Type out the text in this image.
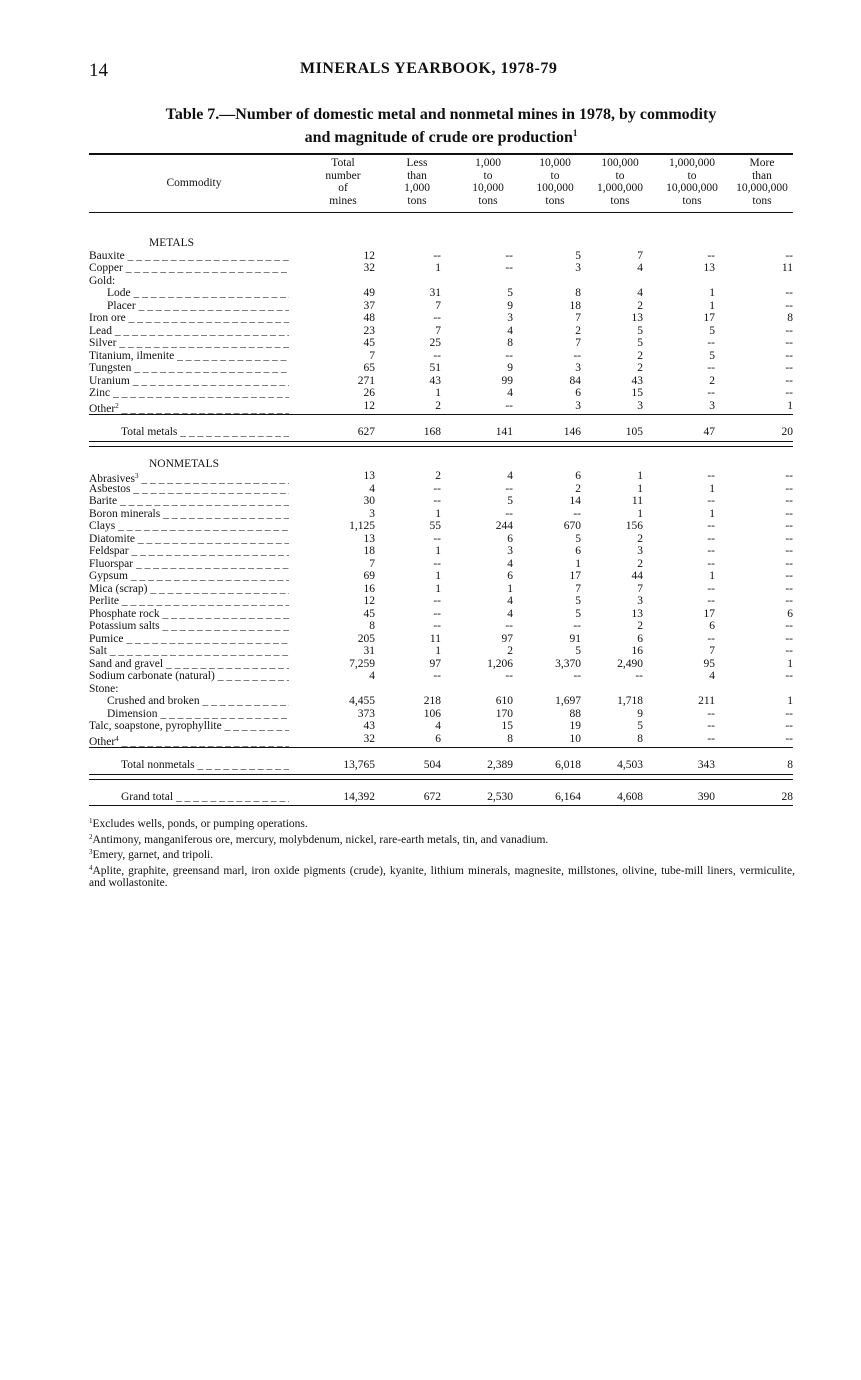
14	MINERALS YEARBOOK, 1978-79
Table 7.—Number of domestic metal and nonmetal mines in 1978, by commodity
and magnitude of crude ore production$^1$
Commodity
Total
number
of
mines
Less
than
1,000
tons
1,000
to
10,000
tons
10,000
to
100,000
tons
100,000
to
1,000,000
tons
1,000,000
to
10,000,000
tons
More
than
10,000,000
tons
METALS
Bauxite _ _ _	12	--	--	5	7	--	--
Copper _ _ _	32	1	--	3	4	13	11
Gold:
Lode _ _ _	49	31	5	8	4	1	--
Placer _ _ _	37	7	9	18	2	1	--
Iron ore _ _ _	48	--	3	7	13	17	8
Lead _ _ _	23	7	4	2	5	5	--
Silver _ _ _	45	25	8	7	5	--	--
Titanium, ilmenite _ _ _	7	--	--	--	2	5	--
Tungsten _ _ _	65	51	9	3	2	--	--
Uranium _ _ _	271	43	99	84	43	2	--
Zinc _ _ _	26	1	4	6	15	--	--
Other$^2$ _ _ _	12	2	--	3	3	3	1
Total metals _ _ _	627	168	141	146	105	47	20
NONMETALS
Abrasives$^3$ _ _ _	13	2	4	6	1	--	--
Asbestos _ _ _	4	--	--	2	1	1	--
Barite _ _ _	30	--	5	14	11	--	--
Boron minerals _ _ _	3	1	--	--	1	1	--
Clays _ _ _	1,125	55	244	670	156	--	--
Diatomite _ _ _	13	--	6	5	2	--	--
Feldspar _ _ _	18	1	3	6	3	--	--
Fluorspar _ _ _	7	--	4	1	2	--	--
Gypsum _ _ _	69	1	6	17	44	1	--
Mica (scrap) _ _ _	16	1	1	7	7	--	--
Perlite _ _ _	12	--	4	5	3	--	--
Phosphate rock _ _ _	45	--	4	5	13	17	6
Potassium salts _ _ _	8	--	--	--	2	6	--
Pumice _ _ _	205	11	97	91	6	--	--
Salt _ _ _	31	1	2	5	16	7	--
Sand and gravel _ _ _	7,259	97	1,206	3,370	2,490	95	1
Sodium carbonate (natural) _ _ _	4	--	--	--	--	4	--
Stone:
Crushed and broken _ _ _	4,455	218	610	1,697	1,718	211	1
Dimension _ _ _	373	106	170	88	9	--	--
Talc, soapstone, pyrophyllite _ _ _	43	4	15	19	5	--	--
Other$^4$ _ _ _	32	6	8	10	8	--	--
Total nonmetals _ _ _	13,765	504	2,389	6,018	4,503	343	8
Grand total _ _ _	14,392	672	2,530	6,164	4,608	390	28

$^1$Excludes wells, ponds, or pumping operations.

$^2$Antimony, manganiferous ore, mercury, molybdenum, nickel, rare-earth metals, tin, and vanadium.

$^3$Emery, garnet, and tripoli.

$^4$Aplite, graphite, greensand marl, iron oxide pigments (crude), kyanite, lithium minerals, magnesite, millstones, olivine, tube-mill liners, vermiculite, and wollastonite.
